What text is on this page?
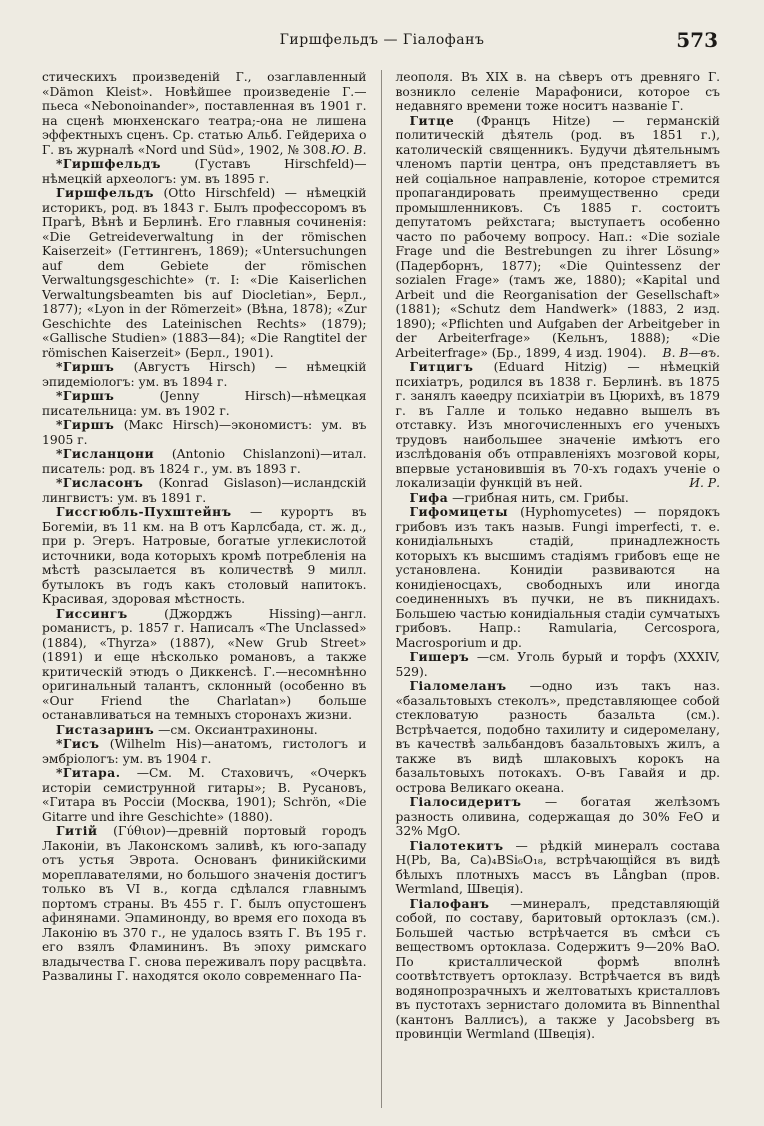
Гиршфельдъ — Гіалофанъ	573

стическихъ произведеній Г., озаглавленный «Dämon Kleist». Новѣйшее произведеніе Г.—пьеса «Nebonoinander», поставленная въ 1901 г. на сценѣ мюнхенскаго театра;-она не лишена эффектныхъ сценъ. Ср. статью Альб. Гейдериха о Г. въ журналѣ «Nord und Süd», 1902, № 308. Ю. В.

*Гиршфельдъ	(Густавъ Hirschfeld)—нѣмецкій археологъ: ум. въ 1895 г.

Гиршфельдъ (Otto Hirschfeld) — нѣмецкій историкъ, род. въ 1843 г. Былъ профессоромъ въ Прагѣ, Вѣнѣ и Берлинѣ. Его главныя сочиненія: «Die Getreideverwaltung in der römischen Kaiserzeit» (Геттингенъ, 1869); «Untersuchungen auf dem Gebiete der römischen Verwaltungsgeschichte» (т. I: «Die Kaiserlichen Verwaltungsbeamten bis auf Diocletian», Берл., 1877); «Lyon in der Römerzeit» (Вѣна, 1878); «Zur Geschichte des Lateinischen Rechts» (1879); «Gallische Studien» (1883—84); «Die Rangtitel der römischen Kaiserzeit» (Берл., 1901).

*Гиршъ (Августъ Hirsch) — нѣмецкій эпидеміологъ: ум. въ 1894 г.

*Гиршъ	(Jenny Hirsch)—нѣмецкая писательница: ум. въ 1902 г.

*Гиршъ (Макс Hirsch)—экономистъ: ум. въ 1905 г.

*Гисланцони (Antonio Chislanzoni)—итал. писатель: род. въ 1824 г., ум. въ 1893 г.

*Гисласонъ (Konrad Gislason)—исландскій лингвистъ: ум. въ 1891 г.

Гиссгюбль-Пухштейнъ — курортъ въ Богеміи, въ 11 км. на В отъ Карлсбада, ст. ж. д., при р. Эгеръ. Натровые, богатые углекислотой источники, вода которыхъ кромѣ потребленія на мѣстѣ разсылается въ количествѣ 9 милл. бутылокъ въ годъ какъ столовый напитокъ. Красивая, здоровая мѣстность.

Гиссингъ	(Джорджъ Hissing)—англ. романистъ, р. 1857 г. Написалъ «The Unclassed» (1884), «Thyrza» (1887), «New Grub Street» (1891) и еще нѣсколько романовъ, а также критическій этюдъ о Диккенсѣ. Г.—несомнѣнно оригинальный талантъ, склонный (особенно въ «Our Friend the Charlatan») больше останавливаться на темныхъ сторонахъ жизни.

Гистазаринъ —см. Оксиантрахиноны.

*Гисъ (Wilhelm His)—анатомъ, гистологъ и эмбріологъ: ум. въ 1904 г.

*Гитара. —См. М. Стаховичъ, «Очеркъ исторіи семиструнной гитары»; В. Русановъ, «Гитара въ Россіи (Москва, 1901); Schrön, «Die Gitarre und ihre Geschichte» (1880).

Гитій (Γύθιον)—древній портовый городъ Лаконіи, въ Лаконскомъ заливѣ, къ юго-западу отъ устья Эврота. Основанъ финикійскими мореплавателями, но большого значенія достигъ только въ VI в., когда сдѣлался главнымъ портомъ страны. Въ 455 г. Г. былъ опустошенъ афинянами. Эпаминонду, во время его похода въ Лаконію въ 370 г., не удалось взять Г. Въ 195 г. его взялъ Фламининъ. Въ эпоху римскаго владычества Г. снова переживалъ пору расцвѣта. Развалины Г. находятся около современнаго Па-

леополя. Въ XIX в. на сѣверъ отъ древняго Г. возникло селеніе Марафониси, которое съ недавняго времени тоже носитъ названіе Г.

Гитце (Францъ Hitze) — германскій политическій дѣятель (род. въ 1851 г.), католическій священникъ. Будучи дѣятельнымъ членомъ партіи центра, онъ представляетъ въ ней соціальное направленіе, которое стремится пропагандировать преимущественно среди промышленниковъ. Съ 1885 г. состоитъ депутатомъ рейхстага; выступаетъ особенно часто по рабочему вопросу. Нап.: «Die soziale Frage und die Bestrebungen zu ihrer Lösung» (Падерборнъ, 1877); «Die Quintessenz der sozialen Frage» (тамъ же, 1880); «Kapital und Arbeit und die Reorganisation der Gesellschaft» (1881); «Schutz dem Handwerk» (1883, 2 изд. 1890); «Pflichten und Aufgaben der Arbeitgeber in der Arbeiterfrage» (Кельнъ, 1888); «Die Arbeiterfrage» (Бр., 1899, 4 изд. 1904).	В. В—въ.

Гитцигъ (Eduard Hitzig) — нѣмецкій психіатръ, родился въ 1838 г. Берлинѣ. въ 1875 г. занялъ каѳедру психіатріи въ Цюрихѣ, въ 1879 г. въ Галле и только недавно вышелъ въ отставку. Изъ многочисленныхъ его ученыхъ трудовъ наибольшее значеніе имѣютъ его изслѣдованія объ отправленіяхъ мозговой коры, впервые установившія въ 70-хъ годахъ ученіе о локализаціи функцій въ ней.	И. Р.

Гифа —грибная нить, см. Грибы.

Гифомицеты (Hyphomycetes) — порядокъ грибовъ изъ такъ назыв. Fungi imperfecti, т. е. конидіальныхъ стадій, принадлежность которыхъ къ высшимъ стадіямъ грибовъ еще не установлена. Конидіи развиваются на конидіеносцахъ, свободныхъ или иногда соединенныхъ въ пучки, не въ пикнидахъ. Большею частью конидіальныя стадіи сумчатыхъ грибовъ. Напр.: Ramularia, Cercospora, Macrosporium и др.

Гишеръ —см. Уголь бурый и торфъ (XXXIV, 529).

Гіаломеланъ —одно изъ такъ наз. «базальтовыхъ стеколъ», представляющее собой стекловатую разность базальта (см.). Встрѣчается, подобно тахилиту и сидеромелану, въ качествѣ зальбандовъ базальтовыхъ жилъ, а также въ видѣ шлаковыхъ корокъ на базальтовыхъ потокахъ. О-въ Гавайя и др. острова Великаго океана.

Гіалосидеритъ — богатая желѣзомъ разность оливина, содержащая до 30% FeO и 32% MgO.

Гіалотекитъ — рѣдкій минералъ состава H(Pb, Ba, Ca)₄BSi₆O₁₈, встрѣчающійся въ видѣ бѣлыхъ плотныхъ массъ въ Långban (пров. Wermland, Швеція).

Гіалофанъ —минералъ, представляющій собой, по составу, баритовый ортоклазъ (см.). Большей частью встрѣчается въ смѣси съ веществомъ ортоклаза. Содержитъ 9—20% BaO. По кристаллической формѣ вполнѣ соотвѣтствуетъ ортоклазу. Встрѣчается въ видѣ водянопрозрачныхъ и желтоватыхъ кристалловъ въ пустотахъ зернистаго доломита въ Binnenthal (кантонъ Валлисъ), а также у Jacobsberg въ провинціи Wermland (Швеція).
